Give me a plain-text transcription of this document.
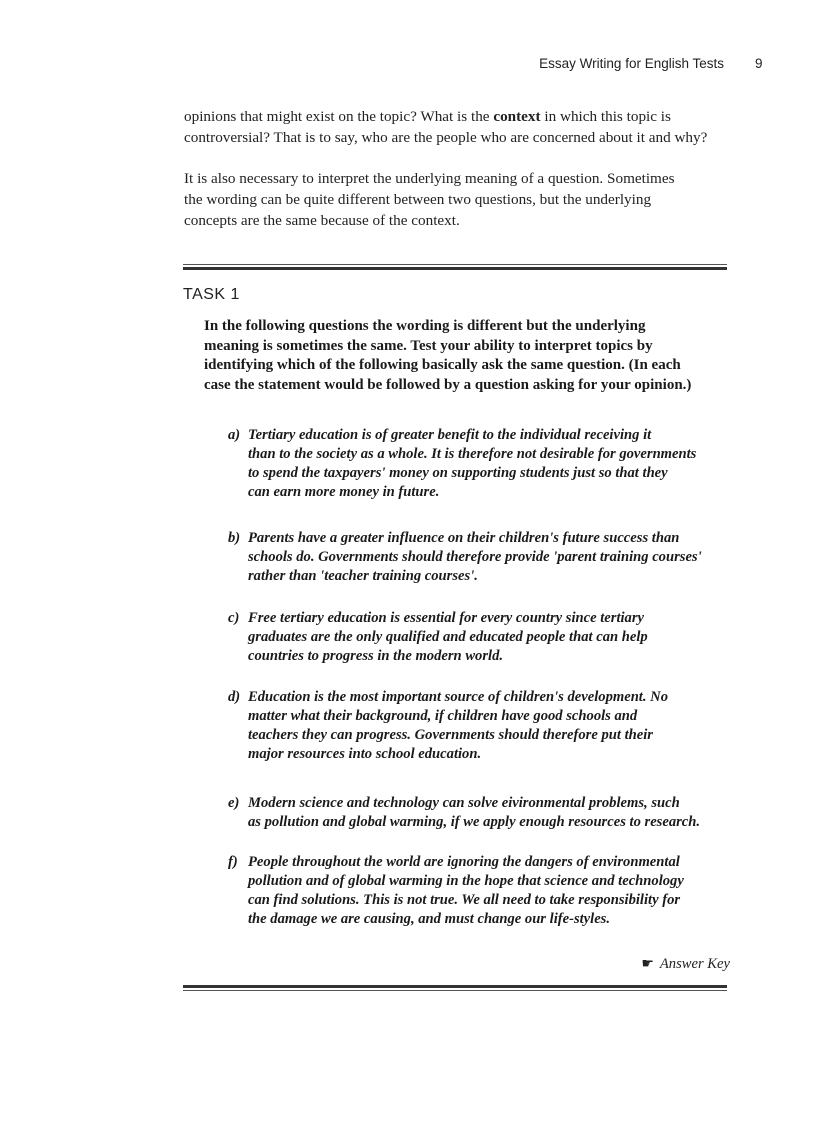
Essay Writing for English Tests 9
opinions that might exist on the topic? What is the context in which this topic is
controversial? That is to say, who are the people who are concerned about it and why?
It is also necessary to interpret the underlying meaning of a question. Sometimes
the wording can be quite different between two questions, but the underlying
concepts are the same because of the context.
TASK 1
In the following questions the wording is different but the underlying
meaning is sometimes the same. Test your ability to interpret topics by
identifying which of the following basically ask the same question. (In each
case the statement would be followed by a question asking for your opinion.)
a) Tertiary education is of greater benefit to the individual receiving it
than to the society as a whole. It is therefore not desirable for governments
to spend the taxpayers' money on supporting students just so that they
can earn more money in future.
b) Parents have a greater influence on their children's future success than
schools do. Governments should therefore provide 'parent training courses'
rather than 'teacher training courses'.
c) Free tertiary education is essential for every country since tertiary
graduates are the only qualified and educated people that can help
countries to progress in the modern world.
d) Education is the most important source of children's development. No
matter what their background, if children have good schools and
teachers they can progress. Governments should therefore put their
major resources into school education.
e) Modern science and technology can solve eivironmental problems, such
as pollution and global warming, if we apply enough resources to research.
f) People throughout the world are ignoring the dangers of environmental
pollution and of global warming in the hope that science and technology
can find solutions. This is not true. We all need to take responsibility for
the damage we are causing, and must change our life-styles.
☛ Answer Key
